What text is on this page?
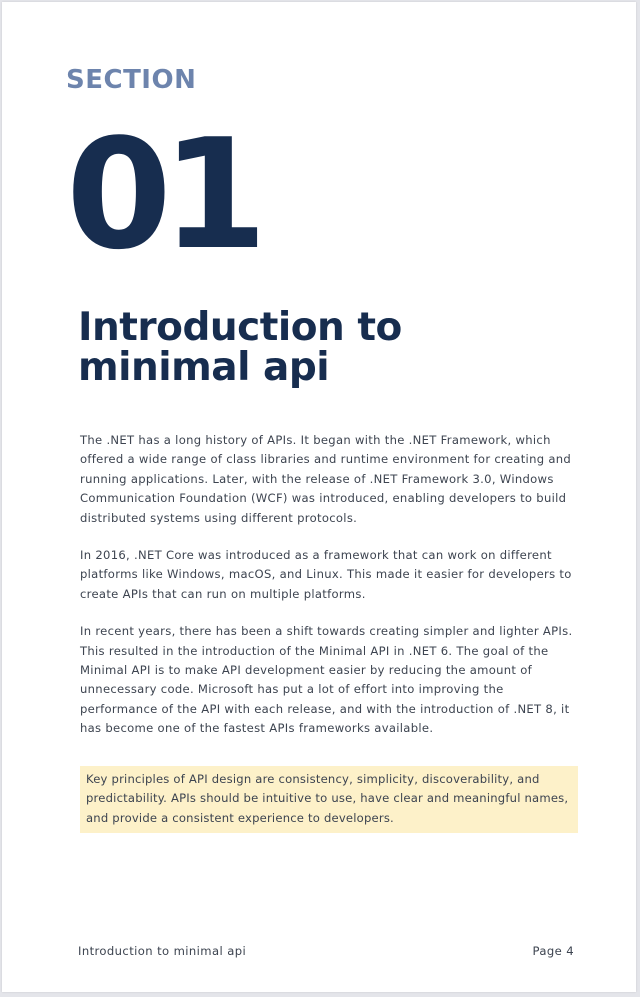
SECTION
01
Introduction to minimal api

The .NET has a long history of APIs. It began with the .NET Framework, which offered a wide range of class libraries and runtime environment for creating and running applications. Later, with the release of .NET Framework 3.0, Windows Communication Foundation (WCF) was introduced, enabling developers to build distributed systems using different protocols.

In 2016, .NET Core was introduced as a framework that can work on different platforms like Windows, macOS, and Linux. This made it easier for developers to create APIs that can run on multiple platforms.

In recent years, there has been a shift towards creating simpler and lighter APIs. This resulted in the introduction of the Minimal API in .NET 6. The goal of the Minimal API is to make API development easier by reducing the amount of unnecessary code. Microsoft has put a lot of effort into improving the performance of the API with each release, and with the introduction of .NET 8, it has become one of the fastest APIs frameworks available.

Key principles of API design are consistency, simplicity, discoverability, and predictability. APIs should be intuitive to use, have clear and meaningful names, and provide a consistent experience to developers.
Introduction to minimal api	Page 4
